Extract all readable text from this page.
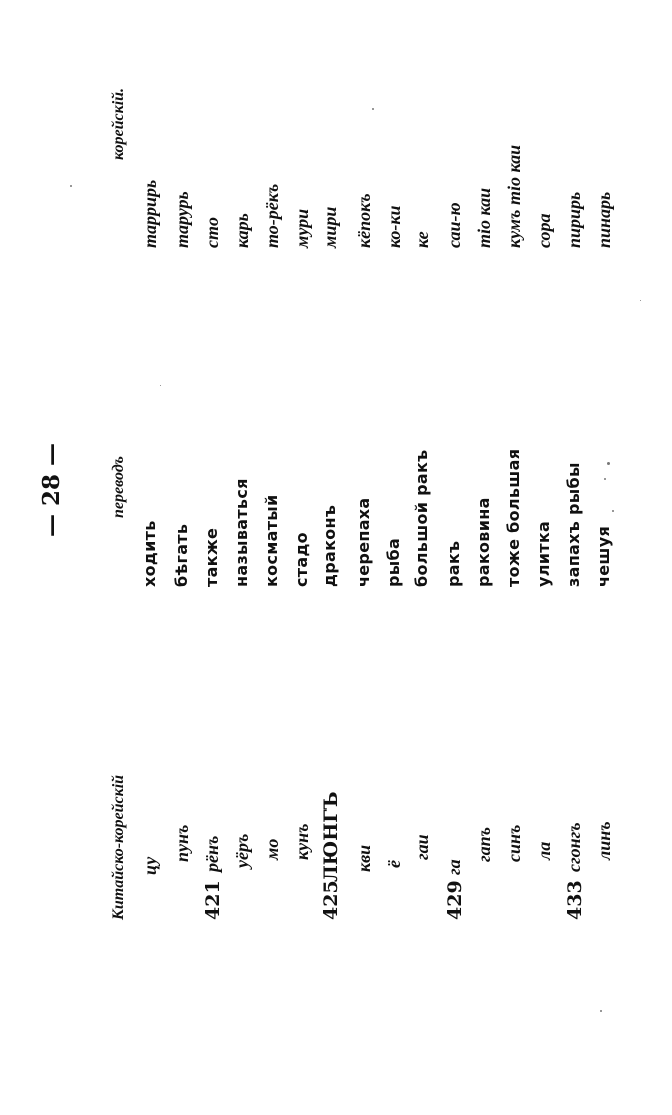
— 28 —
Китайско-корейскій
переводъ
корейскій.
цу
ходить
таррирь
пунъ
бѣгать
тарурь
421
рёнъ
также
cmo
уёръ
называться
карь
мо
косматый
то-рёкъ
кунъ
стадо
мури
425
ЛЮНГЪ
драконъ
мири
кви
черепаха
кёпокъ
ё
рыба
ко-ки
гаи
большой ракъ
ке
429
га
ракъ
саи-ю
гапъ
раковина
тіо каи
синъ
тоже большая
кумъ тіо каи
ла
улитка
сора
433
сгонгъ
запахъ рыбы
пирирь
линъ
чешуя
пинарь
